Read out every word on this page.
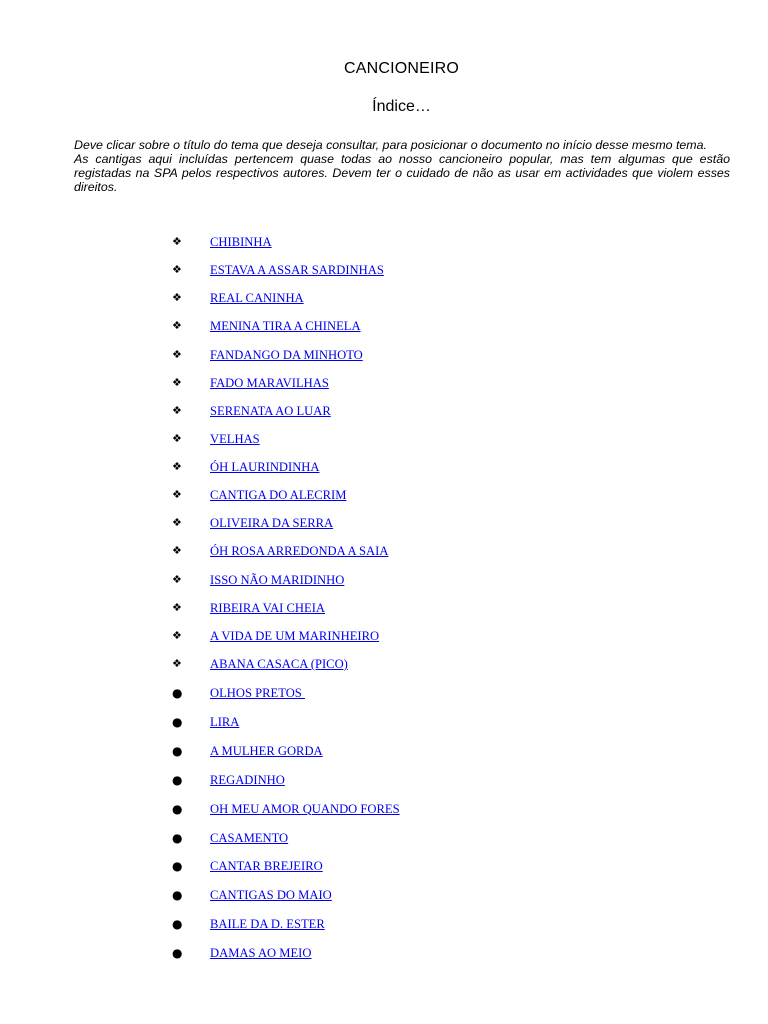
CANCIONEIRO
Índice…

Deve clicar sobre o título do tema que deseja consultar, para posicionar o documento no início desse mesmo tema.

As cantigas aqui incluídas pertencem quase todas ao nosso cancioneiro popular, mas tem algumas que estão registadas na SPA pelos respectivos autores. Devem ter o cuidado de não as usar em actividades que violem esses direitos.

❖	CHIBINHA
❖	ESTAVA A ASSAR SARDINHAS
❖	REAL CANINHA
❖	MENINA TIRA A CHINELA
❖	FANDANGO DA MINHOTO
❖	FADO MARAVILHAS
❖	SERENATA AO LUAR
❖	VELHAS
❖	ÓH LAURINDINHA
❖	CANTIGA DO ALECRIM
❖	OLIVEIRA DA SERRA
❖	ÓH ROSA ARREDONDA A SAIA
❖	ISSO NÃO MARIDINHO
❖	RIBEIRA VAI CHEIA
❖	A VIDA DE UM MARINHEIRO
❖	ABANA CASACA (PICO)
● OLHOS PRETOS
● LIRA
● A MULHER GORDA
● REGADINHO
● OH MEU AMOR QUANDO FORES
● CASAMENTO
● CANTAR BREJEIRO
● CANTIGAS DO MAIO
● BAILE DA D. ESTER
● DAMAS AO MEIO
